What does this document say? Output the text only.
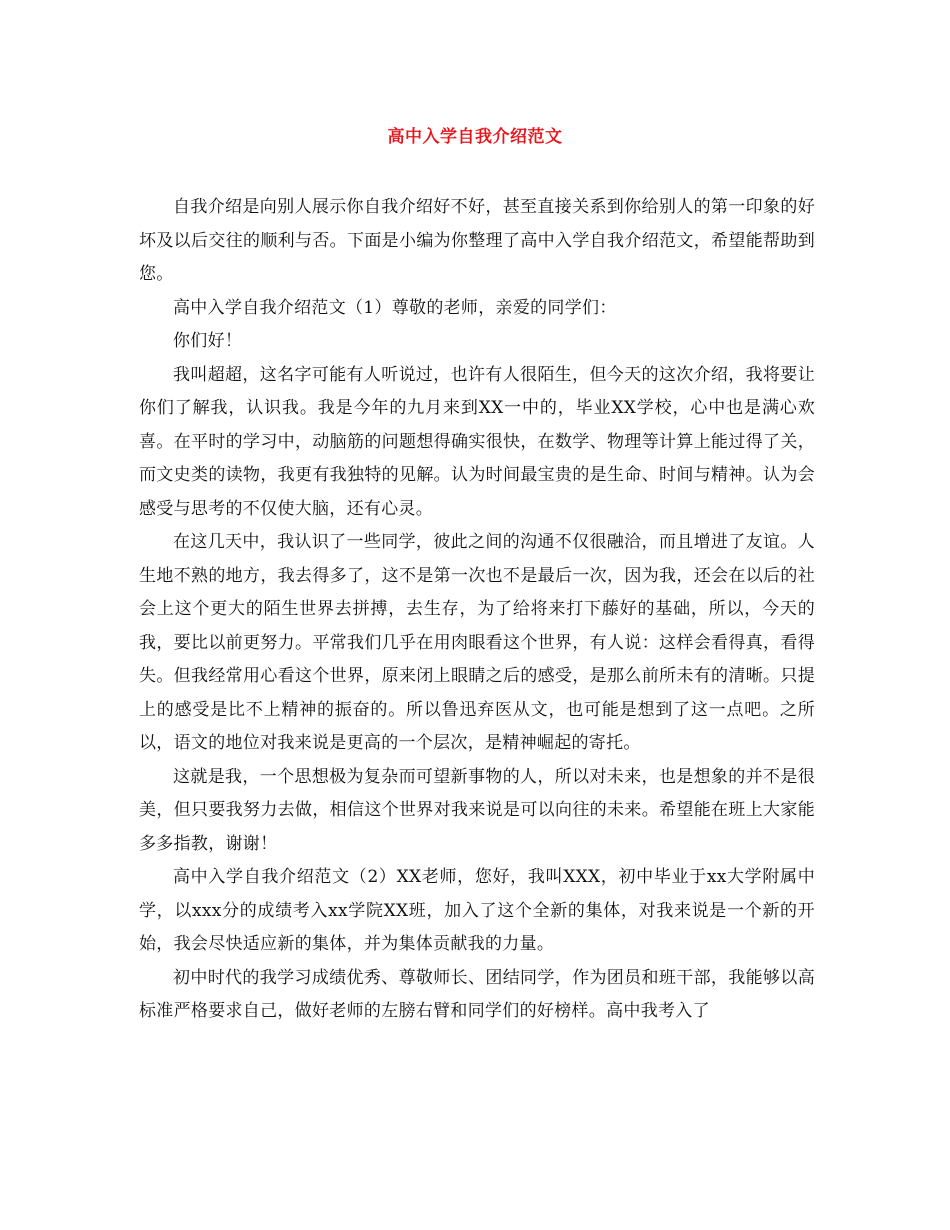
高中入学自我介绍范文

自我介绍是向别人展示你自我介绍好不好，甚至直接关系到你给别人的第一印象的好坏及以后交往的顺利与否。下面是小编为你整理了高中入学自我介绍范文，希望能帮助到您。

高中入学自我介绍范文（1）尊敬的老师，亲爱的同学们：

你们好！

我叫超超，这名字可能有人听说过，也许有人很陌生，但今天的这次介绍，我将要让你们了解我，认识我。我是今年的九月来到XX一中的，毕业XX学校，心中也是满心欢喜。在平时的学习中，动脑筋的问题想得确实很快，在数学、物理等计算上能过得了关，而文史类的读物，我更有我独特的见解。认为时间最宝贵的是生命、时间与精神。认为会感受与思考的不仅使大脑，还有心灵。

在这几天中，我认识了一些同学，彼此之间的沟通不仅很融洽，而且增进了友谊。人生地不熟的地方，我去得多了，这不是第一次也不是最后一次，因为我，还会在以后的社会上这个更大的陌生世界去拼搏，去生存，为了给将来打下藤好的基础，所以，今天的我，要比以前更努力。平常我们几乎在用肉眼看这个世界，有人说：这样会看得真，看得失。但我经常用心看这个世界，原来闭上眼睛之后的感受，是那么前所未有的清晰。只提上的感受是比不上精神的振奋的。所以鲁迅弃医从文，也可能是想到了这一点吧。之所以，语文的地位对我来说是更高的一个层次，是精神崛起的寄托。

这就是我，一个思想极为复杂而可望新事物的人，所以对未来，也是想象的并不是很美，但只要我努力去做，相信这个世界对我来说是可以向往的未来。希望能在班上大家能多多指教，谢谢！

高中入学自我介绍范文（2）XX老师，您好，我叫XXX，初中毕业于xx大学附属中学，以xxx分的成绩考入xx学院XX班，加入了这个全新的集体，对我来说是一个新的开始，我会尽快适应新的集体，并为集体贡献我的力量。

初中时代的我学习成绩优秀、尊敬师长、团结同学，作为团员和班干部，我能够以高标准严格要求自己，做好老师的左膀右臂和同学们的好榜样。高中我考入了
